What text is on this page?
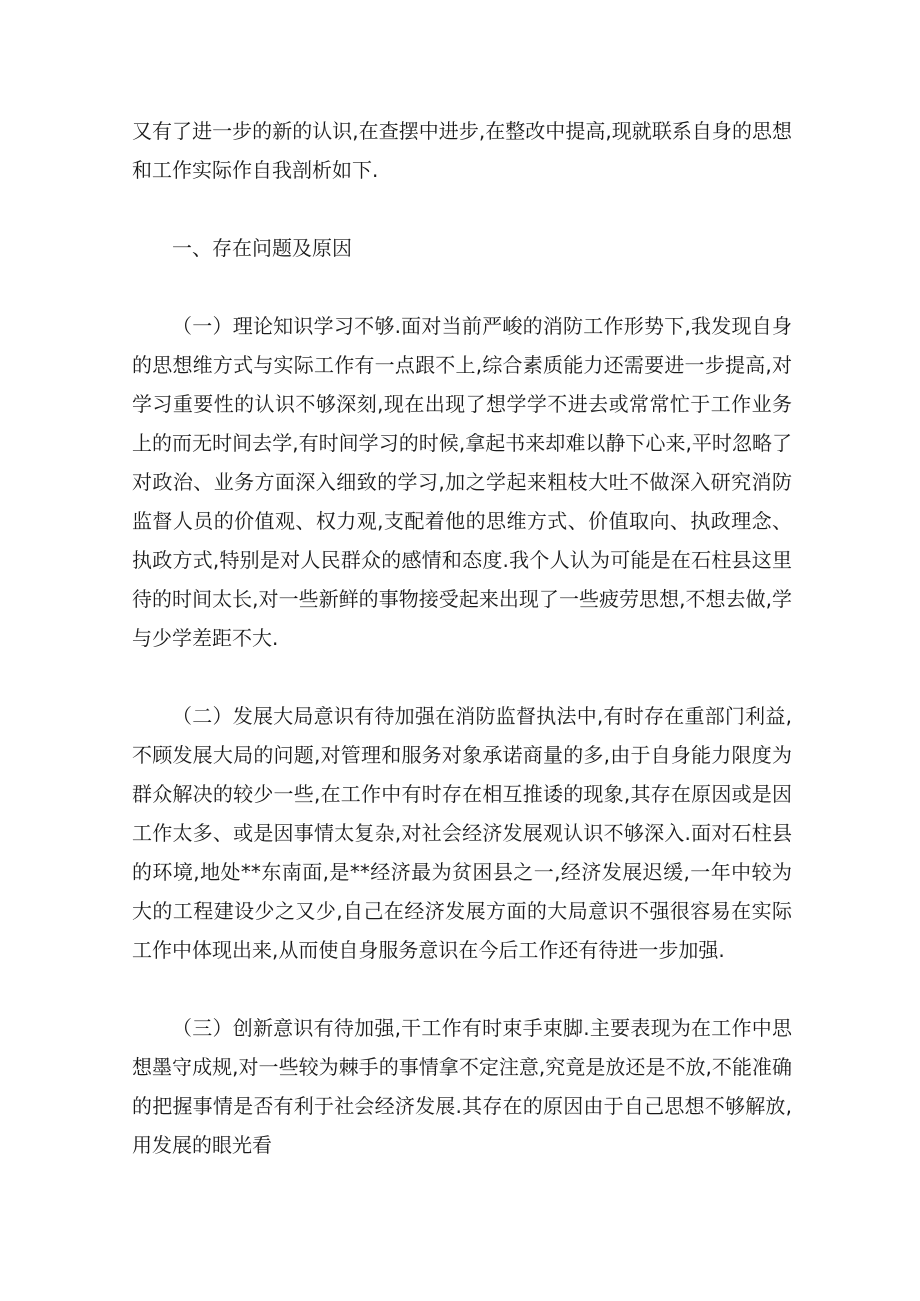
又有了进一步的新的认识,在查摆中进步,在整改中提高,现就联系自身的思想和工作实际作自我剖析如下.

一、存在问题及原因

（一）理论知识学习不够.面对当前严峻的消防工作形势下,我发现自身的思想维方式与实际工作有一点跟不上,综合素质能力还需要进一步提高,对学习重要性的认识不够深刻,现在出现了想学学不进去或常常忙于工作业务上的而无时间去学,有时间学习的时候,拿起书来却难以静下心来,平时忽略了对政治、业务方面深入细致的学习,加之学起来粗枝大吐不做深入研究消防监督人员的价值观、权力观,支配着他的思维方式、价值取向、执政理念、执政方式,特别是对人民群众的感情和态度.我个人认为可能是在石柱县这里待的时间太长,对一些新鲜的事物接受起来出现了一些疲劳思想,不想去做,学与少学差距不大.

（二）发展大局意识有待加强在消防监督执法中,有时存在重部门利益,不顾发展大局的问题,对管理和服务对象承诺商量的多,由于自身能力限度为群众解决的较少一些,在工作中有时存在相互推诿的现象,其存在原因或是因工作太多、或是因事情太复杂,对社会经济发展观认识不够深入.面对石柱县的环境,地处**东南面,是**经济最为贫困县之一,经济发展迟缓,一年中较为大的工程建设少之又少,自己在经济发展方面的大局意识不强很容易在实际工作中体现出来,从而使自身服务意识在今后工作还有待进一步加强.

（三）创新意识有待加强,干工作有时束手束脚.主要表现为在工作中思想墨守成规,对一些较为棘手的事情拿不定注意,究竟是放还是不放,不能准确的把握事情是否有利于社会经济发展.其存在的原因由于自己思想不够解放,用发展的眼光看
